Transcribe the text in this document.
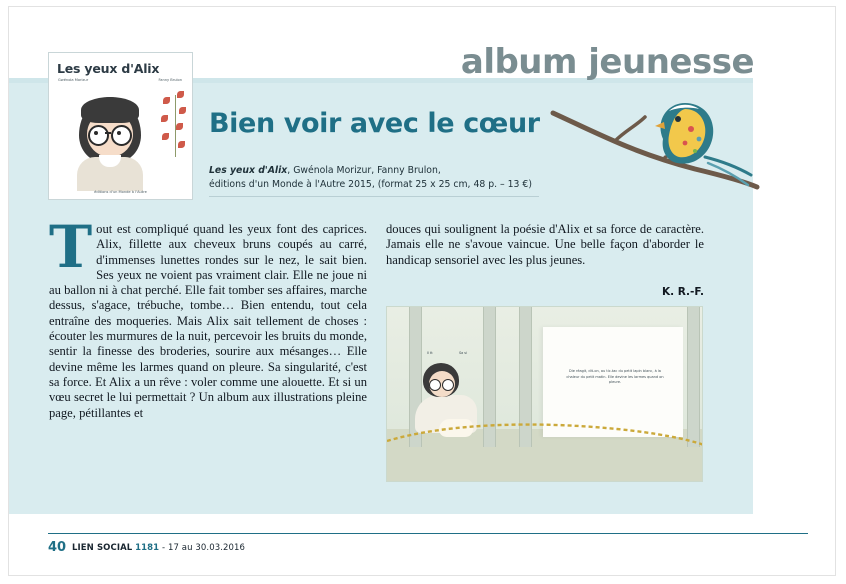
album jeunesse
Les yeux d'Alix
Gwénola Morizur	Fanny Brulon
éditions d'un Monde à l'Autre
Bien voir avec le cœur
Les yeux d'Alix, Gwénola Morizur, Fanny Brulon,
éditions d'un Monde à l'Autre 2015, (format 25 x 25 cm, 48 p. – 13 €)
Tout est compliqué quand les yeux font des caprices. Alix, fillette aux cheveux bruns coupés au carré, d'immenses lunettes rondes sur le nez, le sait bien. Ses yeux ne voient pas vraiment clair. Elle ne joue ni au ballon ni à chat perché. Elle fait tomber ses affaires, marche dessus, s'agace, trébuche, tombe… Bien entendu, tout cela entraîne des moqueries. Mais Alix sait tellement de choses : écouter les murmures de la nuit, percevoir les bruits du monde, sentir la finesse des broderies, sourire aux mésanges… Elle devine même les larmes quand on pleure. Sa singularité, c'est sa force. Et Alix a un rêve : voler comme une alouette. Et si un vœu secret le lui permettait ? Un album aux illustrations pleine page, pétillantes et
douces qui soulignent la poésie d'Alix et sa force de caractère. Jamais elle ne s'avoue vaincue. Une belle façon d'aborder le handicap sensoriel avec les plus jeunes.
K. R.-F.
Die réagit, dit-on, au tic-tac du petit lapin blanc, à la chaleur du petit matin. Elle devine les larmes quand on pleure.
Il tt	Sa si
40 LIEN SOCIAL 1181 - 17 au 30.03.2016
